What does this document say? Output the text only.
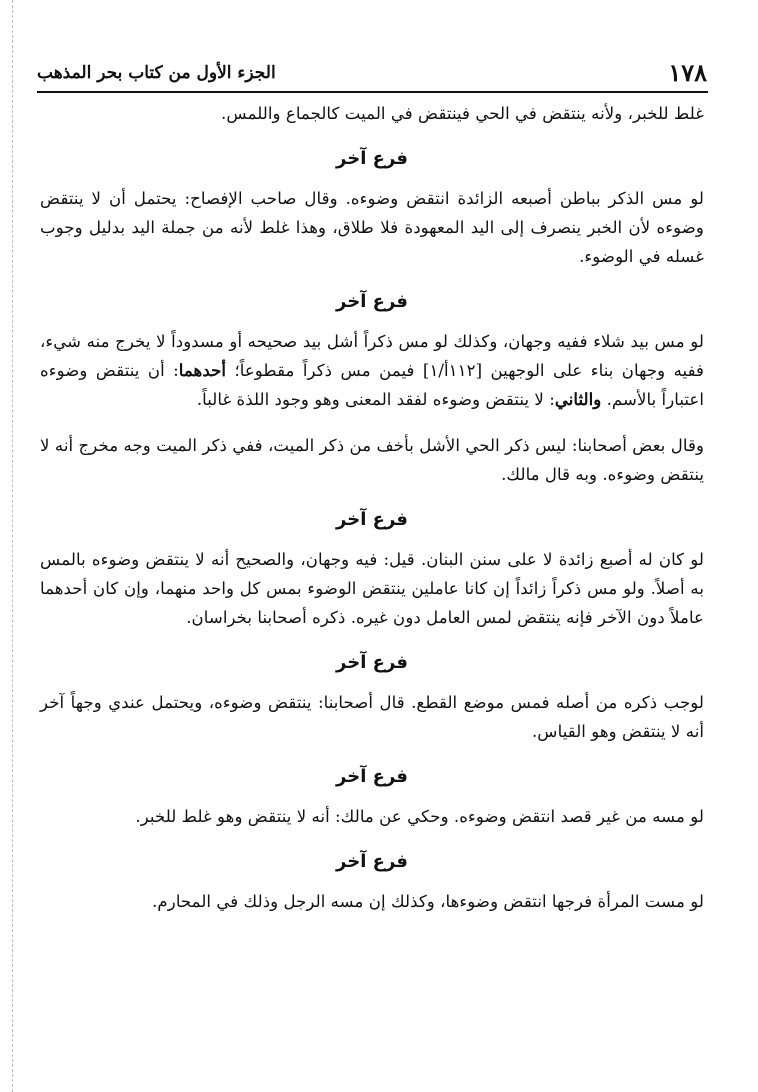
١٧٨
الجزء الأول من كتاب بحر المذهب

غلط للخبر، ولأنه ينتقض في الحي فينتقض في الميت كالجماع واللمس.

فرع آخر

لو مس الذكر بباطن أصبعه الزائدة انتقض وضوءه. وقال صاحب الإفصاح: يحتمل أن لا ينتقض وضوءه لأن الخبر ينصرف إلى اليد المعهودة فلا طلاق، وهذا غلط لأنه من جملة اليد بدليل وجوب غسله في الوضوء.

فرع آخر

لو مس بيد شلاء ففيه وجهان، وكذلك لو مس ذكراً أشل بيد صحيحه أو مسدوداً لا يخرج منه شيء، ففيه وجهان بناء على الوجهين [١١٢أ/١] فيمن مس ذكراً مقطوعاً؛ أحدهما: أن ينتقض وضوءه اعتباراً بالأسم. والثاني: لا ينتقض وضوءه لفقد المعنى وهو وجود اللذة غالباً.

وقال بعض أصحابنا: ليس ذكر الحي الأشل بأخف من ذكر الميت، ففي ذكر الميت وجه مخرج أنه لا ينتقض وضوءه. وبه قال مالك.

فرع آخر

لو كان له أصبع زائدة لا على سنن البنان. قيل: فيه وجهان، والصحيح أنه لا ينتقض وضوءه بالمس به أصلاً. ولو مس ذكراً زائداً إن كانا عاملين ينتقض الوضوء بمس كل واحد منهما، وإن كان أحدهما عاملاً دون الآخر فإنه ينتقض لمس العامل دون غيره. ذكره أصحابنا بخراسان.

فرع آخر

لوجب ذكره من أصله فمس موضع القطع. قال أصحابنا: ينتقض وضوءه، ويحتمل عندي وجهاً آخر أنه لا ينتقض وهو القياس.

فرع آخر

لو مسه من غير قصد انتقض وضوءه. وحكي عن مالك: أنه لا ينتقض وهو غلط للخبر.

فرع آخر

لو مست المرأة فرجها انتقض وضوءها، وكذلك إن مسه الرجل وذلك في المحارم.
